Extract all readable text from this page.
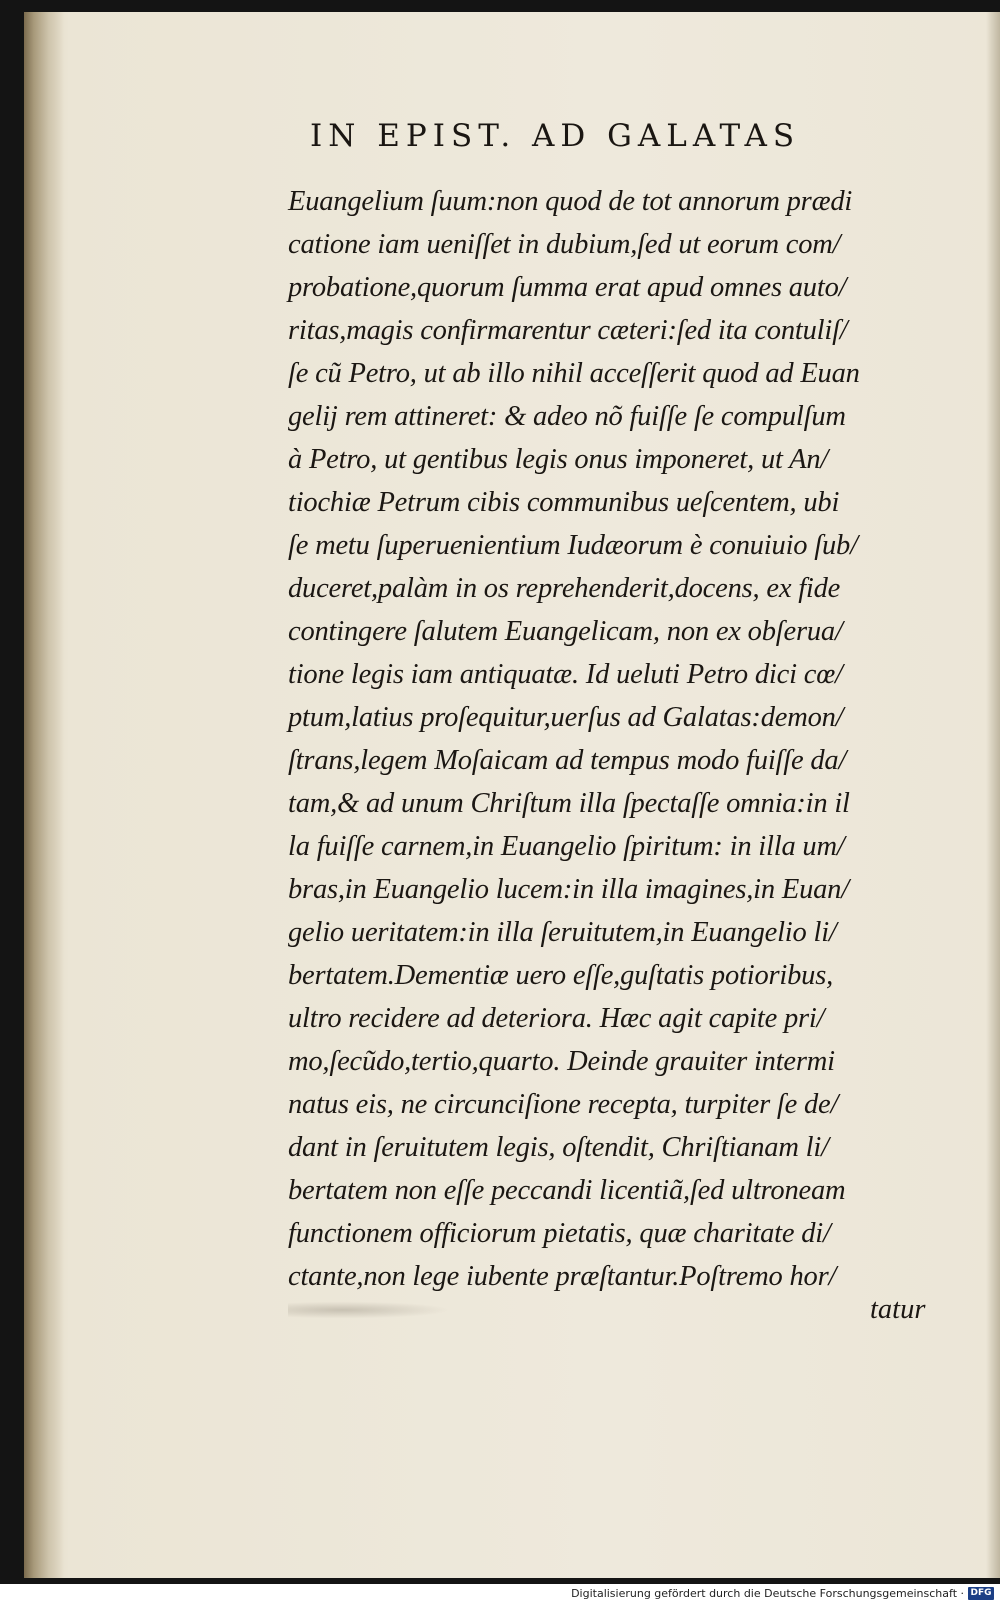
IN EPIST. AD GALATAS
Euangelium ſuum:non quod de tot annorum prædi
catione iam ueniſſet in dubium,ſed ut eorum com/
probatione,quorum ſumma erat apud omnes auto/
ritas,magis confirmarentur cæteri:ſed ita contuliſ/
ſe cũ Petro, ut ab illo nihil acceſſerit quod ad Euan
gelij rem attineret: & adeo nõ fuiſſe ſe compulſum
à Petro, ut gentibus legis onus imponeret, ut An/
tiochiæ Petrum cibis communibus ueſcentem, ubi
ſe metu ſuperuenientium Iudæorum è conuiuio ſub/
duceret,palàm in os reprehenderit,docens, ex fide
contingere ſalutem Euangelicam, non ex obſerua/
tione legis iam antiquatæ. Id ueluti Petro dici cœ/
ptum,latius proſequitur,uerſus ad Galatas:demon/
ſtrans,legem Moſaicam ad tempus modo fuiſſe da/
tam,& ad unum Chriſtum illa ſpectaſſe omnia:in il
la fuiſſe carnem,in Euangelio ſpiritum: in illa um/
bras,in Euangelio lucem:in illa imagines,in Euan/
gelio ueritatem:in illa ſeruitutem,in Euangelio li/
bertatem.Dementiæ uero eſſe,guſtatis potioribus,
ultro recidere ad deteriora. Hæc agit capite pri/
mo,ſecũdo,tertio,quarto. Deinde grauiter intermi
natus eis, ne circunciſione recepta, turpiter ſe de/
dant in ſeruitutem legis, oſtendit, Chriſtianam li/
bertatem non eſſe peccandi licentiã,ſed ultroneam
functionem officiorum pietatis, quæ charitate di/
ctante,non lege iubente præſtantur.Poſtremo hor/
tatur
Digitalisierung gefördert durch die Deutsche Forschungsgemeinschaft · DFG
